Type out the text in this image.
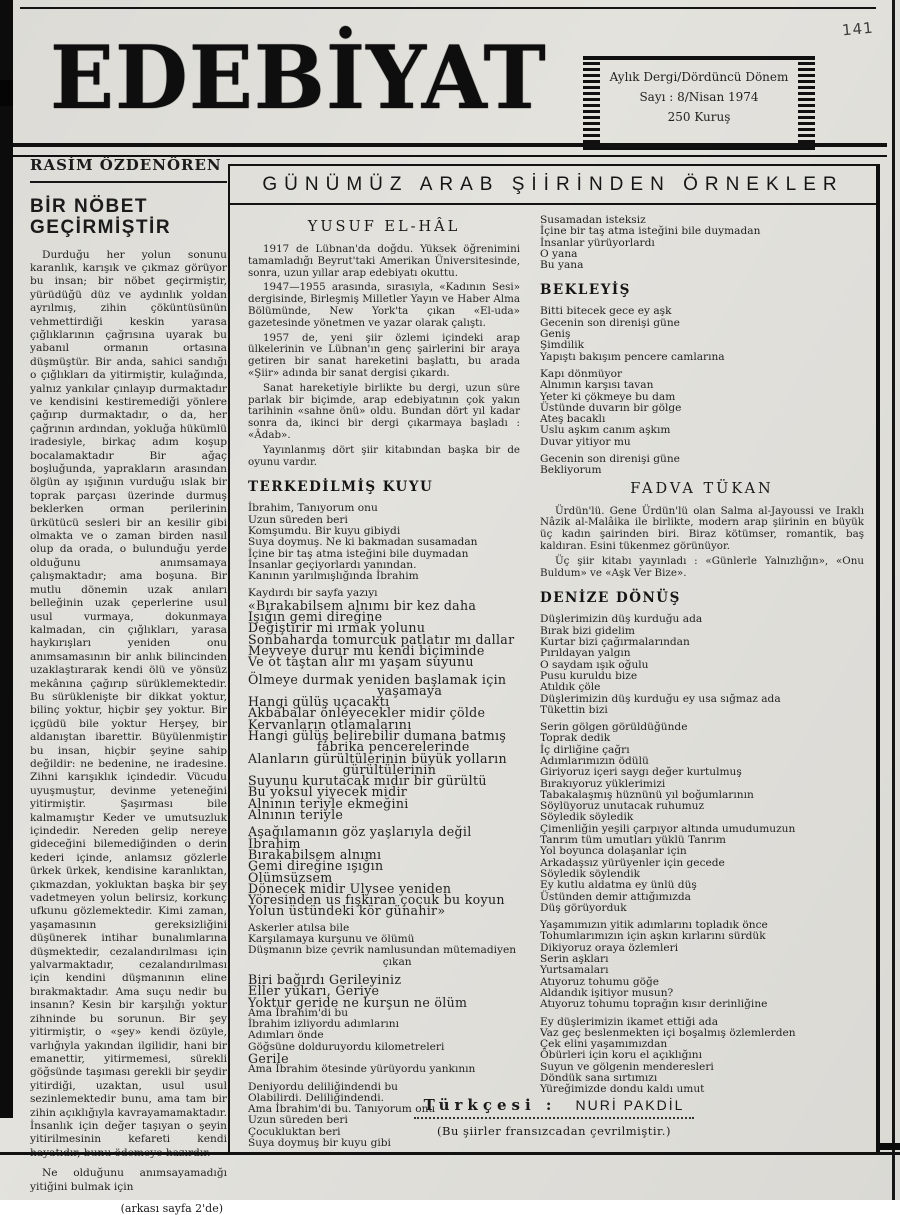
141
EDEBİYAT	Aylık Dergi/Dördüncü Dönem
Sayı : 8/Nisan 1974
250 Kuruş
RASİM ÖZDENÖREN
BİR NÖBET GEÇİRMİŞTİR
Durduğu her yolun sonunu karanlık, karışık ve çıkmaz görüyor bu insan; bir nöbet geçirmiştir, yürüdüğü düz ve aydınlık yoldan ayrılmış, zihin çöküntüsünün vehmettirdiği keskin yarasa çığlıklarının çağrısına uyarak bu yabanıl ormanın ortasına düşmüştür. Bir anda, sahici sandığı o çığlıkları da yitirmiştir, kulağında, yalnız yankılar çınlayıp durmaktadır ve kendisini kestiremediği yönlere çağırıp durmaktadır, o da, her çağrının ardından, yokluğa hükümlü iradesiyle, birkaç adım koşup bocalamaktadır Bir ağaç boşluğunda, yaprakların arasından ölgün ay ışığının vurduğu ıslak bir toprak parçası üzerinde durmuş beklerken orman perilerinin ürkütücü sesleri bir an kesilir gibi olmakta ve o zaman birden nasıl olup da orada, o bulunduğu yerde olduğunu anımsamaya çalışmaktadır; ama boşuna. Bir mutlu dönemin uzak anıları belleğinin uzak çeperlerine usul usul vurmaya, dokunmaya kalmadan, cin çığlıkları, yarasa haykırışları yeniden onu anımsamasının bir anlık bilincinden uzaklaştırarak kendi ölü ve yönsüz mekânına çağırıp sürüklemektedir. Bu sürüklenişte bir dikkat yoktur, bilinç yoktur, hiçbir şey yoktur. Bir içgüdü bile yoktur Herşey, bir aldanıştan ibarettir. Büyülenmiştir bu insan, hiçbir şeyine sahip değildir: ne bedenine, ne iradesine. Zihni karışıklık içindedir. Vücudu uyuşmuştur, devinme yeteneğini yitirmiştir. Şaşırması bile kalmamıştır Keder ve umutsuzluk içindedir. Nereden gelip nereye gideceğini bilemediğinden o derin kederi içinde, anlamsız gözlerle ürkek ürkek, kendisine karanlıktan, çıkmazdan, yokluktan başka bir şey vadetmeyen yolun belirsiz, korkunç ufkunu gözlemektedir. Kimi zaman, yaşamasının gereksizliğini düşünerek intihar bunalımlarına düşmektedir, cezalandırılması için yalvarmaktadır, cezalandırılması için kendini düşmanının eline bırakmaktadır. Ama suçu nedir bu insanın? Kesin bir karşılığı yoktur zihninde bu sorunun. Bir şey yitirmiştir, o «şey» kendi özüyle, varlığıyla yakından ilgilidir, hani bir emanettir, yitirmemesi, sürekli göğsünde taşıması gerekli bir şeydir yitirdiği, uzaktan, usul usul sezinlemektedir bunu, ama tam bir zihin açıklığıyla kavrayamamaktadır. İnsanlık için değer taşıyan o şeyin yitirilmesinin kefareti kendi
Ne olduğunu anımsayamadığı yitiğini bulmak için
(arkası sayfa 2'de)
GÜNÜMÜZ ARAB ŞİİRİNDEN ÖRNEKLER
YUSUF EL-HÂL
1917 de Lübnan'da doğdu. Yüksek öğrenimini tamamladığı Beyrut'taki Amerikan Üniversitesinde, sonra, uzun yıllar arap edebiyatı okuttu.
1947—1955 arasında, sırasıyla, «Kadının Sesi» dergisinde, Birleşmiş Milletler Yayın ve Haber Alma Bölümünde, New York'ta çıkan «El-uda» gazetesinde yönetmen ve yazar olarak çalıştı.
1957 de, yeni şiir özlemi içindeki arap ülkelerinin ve Lübnan'ın genç şairlerini bir araya getiren bir sanat hareketini başlattı, bu arada «Şiir» adında bir sanat dergisi çıkardı.
Sanat hareketiyle birlikte bu dergi, uzun süre parlak bir biçimde, arap edebiyatının çok yakın tarihinin «sahne önü» oldu. Bundan dört yıl kadar sonra da, ikinci bir dergi çıkarmaya başladı : «Âdab».
Yayınlanmış dört şiir kitabından başka bir de oyunu vardır.
TERKEDİLMİŞ KUYU
İbrahim, Tanıyorum onu
Uzun süreden beri
Komşumdu. Bir kuyu gibiydi
Suya doymuş. Ne ki bakmadan susamadan
İçine bir taş atma isteğini bile duymadan
İnsanlar geçiyorlardı yanından.
Kanının yarılmışlığında İbrahim
Kaydırdı bir sayfa yazıyı
«Bırakabilsem alnımı bir kez daha
Işığın gemi direğine
Değiştirir mi ırmak yolunu
Sonbaharda tomurcuk patlatır mı dallar
Meyveye durur mu kendi biçiminde
Ve ot taştan alır mı yaşam suyunu
Ölmeye durmak yeniden başlamak için
yaşamaya
Hangi gülüş uçacaktı
Akbabalar önleyecekler midir çölde
Kervanların otlamalarını
Hangi gülüş belirebilir dumana batmış
fabrika pencerelerinde
Alanların gürültülerinin büyük yolların
gürültülerinin
Suyunu kurutacak mıdır bir gürültü
Bu yoksul yiyecek midir
Alnının teriyle ekmeğini
Alnının teriyle
Aşağılamanın göz yaşlarıyla değil İbrahim
Bırakabilsem alnımı
Gemi direğine ışığın
Ölümsüzsem
Dönecek midir Ulysee yeniden
Yöresinden us fışkıran çocuk bu koyun
Yolun üstündeki kör günahir»
Askerler atılsa bile
Karşılamaya kurşunu ve ölümü
Düşmanın bize çevrik namlusundan mütemadiyen
çıkan
Biri bağırdı Gerileyiniz
Eller yukarı, Geriye
Yoktur geride ne kurşun ne ölüm
Ama İbrahim'di bu
İbrahim izliyordu adımlarını
Adımları önde
Göğsüne dolduruyordu kilometreleri
Gerile
Ama İbrahim ötesinde yürüyordu yankının
Deniyordu deliliğindendi bu
Olabilirdi. Deliliğindendi.
Ama İbrahim'di bu. Tanıyorum onu
Uzun süreden beri
Çocukluktan beri
Suya doymuş bir kuyu gibi
Susamadan isteksiz
İçine bir taş atma isteğini bile duymadan
İnsanlar yürüyorlardı
O yana
Bu yana
BEKLEYİŞ
Bitti bitecek gece ey aşk
Gecenin son direnişi güne
Geniş
Şimdilik
Yapıştı bakışım pencere camlarına
Kapı dönmüyor
Alnımın karşısı tavan
Yeter ki çökmeye bu dam
Üstünde duvarın bir gölge
Ateş bacaklı
Uslu aşkım canım aşkım
Duvar yitiyor mu
Gecenin son direnişi güne
Bekliyorum
FADVA TÜKAN
Ürdün'lü. Gene Ürdün'lü olan Salma al-Jayoussi ve Iraklı Nâzik al-Malâika ile birlikte, modern arap şiirinin en büyük üç kadın şairinden biri. Biraz kötümser, romantik, baş kaldıran. Esini tükenmez görünüyor.
Üç şiir kitabı yayınladı : «Günlerle Yalnızlığın», «Onu Buldum» ve «Aşk Ver Bize».
DENİZE DÖNÜŞ
Düşlerimizin düş kurduğu ada
Bırak bizi gidelim
Kurtar bizi çağırmalarından
Pırıldayan yalgın
O saydam ışık oğulu
Pusu kuruldu bize
Atıldık çöle
Düşlerimizin düş kurduğu ey usa sığmaz ada
Tükettin bizi
Serin gölgen görüldüğünde
Toprak dedik
İç dirliğine çağrı
Adımlarımızın ödülü
Giriyoruz içeri saygı değer kurtulmuş
Bırakıyoruz yüklerimizi
Tabakalaşmış hüznünü yıl boğumlarının
Söylüyoruz unutacak ruhumuz
Söyledik söyledik
Çimenliğin yeşili çarpıyor altında umudumuzun
Tanrım tüm umutları yüklü Tanrım
Yol boyunca dolaşanlar için
Arkadaşsız yürüyenler için gecede
Söyledik söylendik
Ey kutlu aldatma ey ünlü düş
Üstünden demir attığımızda
Düş görüyorduk
Yaşamımızın yitik adımlarını topladık önce
Tohumlarımızın için aşkın kırlarını sürdük
Dikiyoruz oraya özlemleri
Serin aşkları
Yurtsamaları
Atıyoruz tohumu göğe
Aldandık işitiyor musun?
Atıyoruz tohumu toprağın kısır derinliğine
Ey düşlerimizin ikamet ettiği ada
Vaz geç beslenmekten içi boşalmış özlemlerden
Çek elini yaşamımızdan
Öbürleri için koru el açıklığını
Suyun ve gölgenin menderesleri
Döndük sana sırtımızı
Yüreğimizde dondu kaldı umut
Türkçesi : NURİ PAKDİL
(Bu şiirler fransızcadan çevrilmiştir.)
